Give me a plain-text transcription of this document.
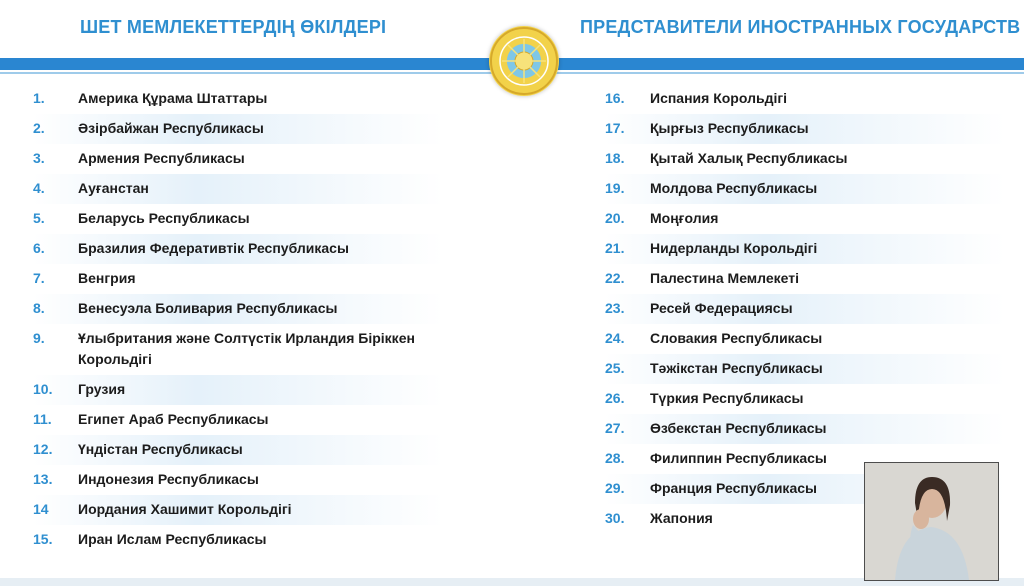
ШЕТ МЕМЛЕКЕТТЕРДІҢ ӨКІЛДЕРІ	ПРЕДСТАВИТЕЛИ ИНОСТРАННЫХ ГОСУДАРСТВ
1.	Америка Құрама Штаттары
2.	Әзірбайжан Республикасы
3.	Армения Республикасы
4.	Ауғанстан
5.	Беларусь Республикасы
6.	Бразилия Федеративтік Республикасы
7.	Венгрия
8.	Венесуэла Боливария Республикасы
9.	Ұлыбритания және Солтүстік Ирландия Біріккен Корольдігі
10.	Грузия
11.	Египет Араб Республикасы
12.	Үндістан Республикасы
13.	Индонезия Республикасы
14	Иордания Хашимит Корольдігі
15.	Иран Ислам Республикасы
16.	Испания Корольдігі
17.	Қырғыз Республикасы
18.	Қытай Халық Республикасы
19.	Молдова Республикасы
20.	Моңғолия
21.	Нидерланды Корольдігі
22.	Палестина Мемлекеті
23.	Ресей Федерациясы
24.	Словакия Республикасы
25.	Тәжікстан Республикасы
26.	Түркия Республикасы
27.	Өзбекстан Республикасы
28.	Филиппин Республикасы
29.	Франция Республикасы
30.	Жапония
